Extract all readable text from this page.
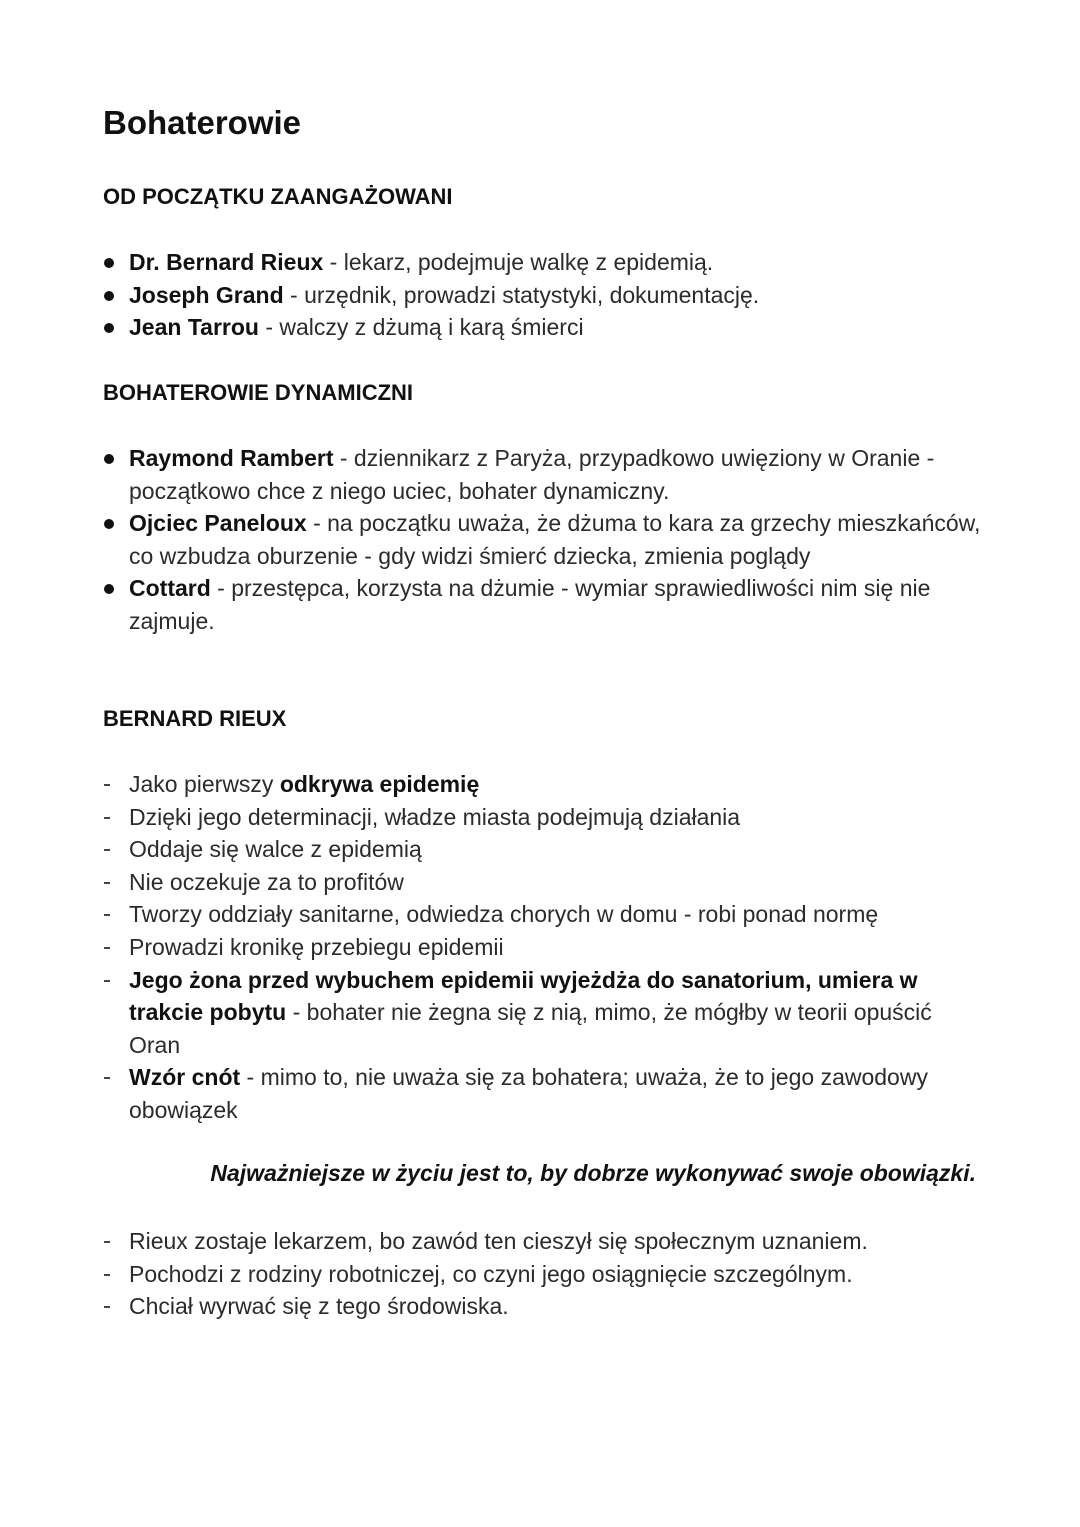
Bohaterowie
OD POCZĄTKU ZAANGAŻOWANI
Dr. Bernard Rieux - lekarz, podejmuje walkę z epidemią.
Joseph Grand - urzędnik, prowadzi statystyki, dokumentację.
Jean Tarrou - walczy z dżumą i karą śmierci
BOHATEROWIE DYNAMICZNI
Raymond Rambert - dziennikarz z Paryża, przypadkowo uwięziony w Oranie - początkowo chce z niego uciec, bohater dynamiczny.
Ojciec Paneloux - na początku uważa, że dżuma to kara za grzechy mieszkańców, co wzbudza oburzenie - gdy widzi śmierć dziecka, zmienia poglądy
Cottard - przestępca, korzysta na dżumie - wymiar sprawiedliwości nim się nie zajmuje.
BERNARD RIEUX
Jako pierwszy odkrywa epidemię
Dzięki jego determinacji, władze miasta podejmują działania
Oddaje się walce z epidemią
Nie oczekuje za to profitów
Tworzy oddziały sanitarne, odwiedza chorych w domu - robi ponad normę
Prowadzi kronikę przebiegu epidemii
Jego żona przed wybuchem epidemii wyjeżdża do sanatorium, umiera w trakcie pobytu - bohater nie żegna się z nią, mimo, że mógłby w teorii opuścić Oran
Wzór cnót - mimo to, nie uważa się za bohatera; uważa, że to jego zawodowy obowiązek

Najważniejsze w życiu jest to, by dobrze wykonywać swoje obowiązki.

Rieux zostaje lekarzem, bo zawód ten cieszył się społecznym uznaniem.
Pochodzi z rodziny robotniczej, co czyni jego osiągnięcie szczególnym.
Chciał wyrwać się z tego środowiska.
